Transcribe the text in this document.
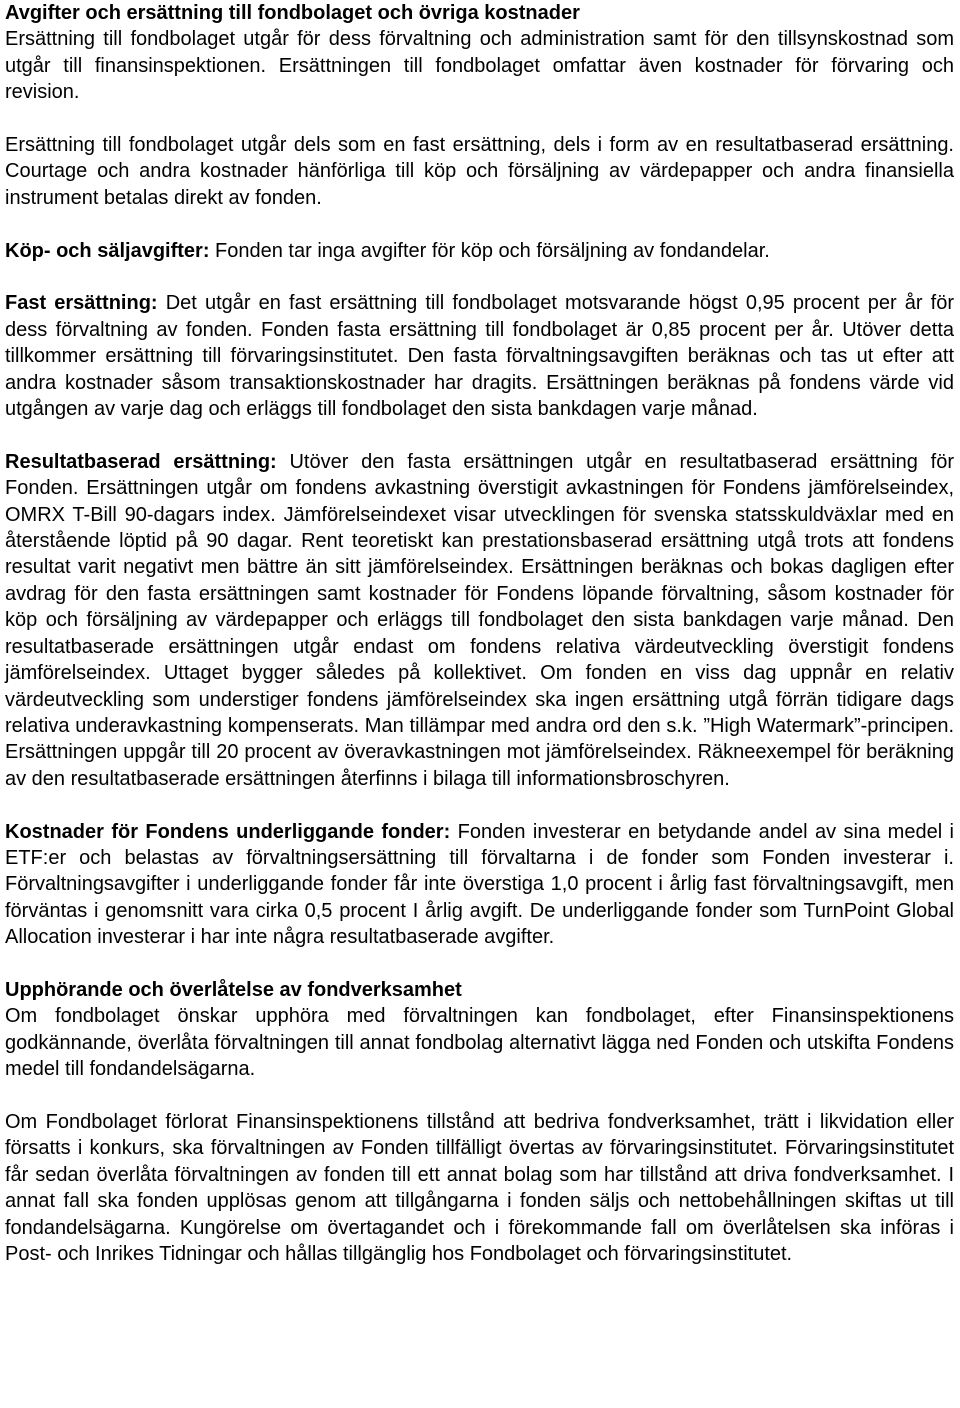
Avgifter och ersättning till fondbolaget och övriga kostnader

Ersättning till fondbolaget utgår för dess förvaltning och administration samt för den tillsynskostnad som utgår till finansinspektionen. Ersättningen till fondbolaget omfattar även kostnader för förvaring och revision.

Ersättning till fondbolaget utgår dels som en fast ersättning, dels i form av en resultatbaserad ersättning. Courtage och andra kostnader hänförliga till köp och försäljning av värdepapper och andra finansiella instrument betalas direkt av fonden.

Köp- och säljavgifter: Fonden tar inga avgifter för köp och försäljning av fondandelar.

Fast ersättning: Det utgår en fast ersättning till fondbolaget motsvarande högst 0,95 procent per år för dess förvaltning av fonden. Fonden fasta ersättning till fondbolaget är 0,85 procent per år. Utöver detta tillkommer ersättning till förvaringsinstitutet. Den fasta förvaltningsavgiften beräknas och tas ut efter att andra kostnader såsom transaktionskostnader har dragits. Ersättningen beräknas på fondens värde vid utgången av varje dag och erläggs till fondbolaget den sista bankdagen varje månad.

Resultatbaserad ersättning: Utöver den fasta ersättningen utgår en resultatbaserad ersättning för Fonden. Ersättningen utgår om fondens avkastning överstigit avkastningen för Fondens jämförelseindex, OMRX T-Bill 90-dagars index. Jämförelseindexet visar utvecklingen för svenska statsskuldväxlar med en återstående löptid på 90 dagar. Rent teoretiskt kan prestationsbaserad ersättning utgå trots att fondens resultat varit negativt men bättre än sitt jämförelseindex. Ersättningen beräknas och bokas dagligen efter avdrag för den fasta ersättningen samt kostnader för Fondens löpande förvaltning, såsom kostnader för köp och försäljning av värdepapper och erläggs till fondbolaget den sista bankdagen varje månad. Den resultatbaserade ersättningen utgår endast om fondens relativa värdeutveckling överstigit fondens jämförelseindex. Uttaget bygger således på kollektivet. Om fonden en viss dag uppnår en relativ värdeutveckling som understiger fondens jämförelseindex ska ingen ersättning utgå förrän tidigare dags relativa underavkastning kompenserats. Man tillämpar med andra ord den s.k. ”High Watermark”-principen. Ersättningen uppgår till 20 procent av överavkastningen mot jämförelseindex. Räkneexempel för beräkning av den resultatbaserade ersättningen återfinns i bilaga till informationsbroschyren.

Kostnader för Fondens underliggande fonder: Fonden investerar en betydande andel av sina medel i ETF:er och belastas av förvaltningsersättning till förvaltarna i de fonder som Fonden investerar i. Förvaltningsavgifter i underliggande fonder får inte överstiga 1,0 procent i årlig fast förvaltningsavgift, men förväntas i genomsnitt vara cirka 0,5 procent I årlig avgift. De underliggande fonder som TurnPoint Global Allocation investerar i har inte några resultatbaserade avgifter.

Upphörande och överlåtelse av fondverksamhet

Om fondbolaget önskar upphöra med förvaltningen kan fondbolaget, efter Finansinspektionens godkännande, överlåta förvaltningen till annat fondbolag alternativt lägga ned Fonden och utskifta Fondens medel till fondandelsägarna.

Om Fondbolaget förlorat Finansinspektionens tillstånd att bedriva fondverksamhet, trätt i likvidation eller försatts i konkurs, ska förvaltningen av Fonden tillfälligt övertas av förvaringsinstitutet. Förvaringsinstitutet får sedan överlåta förvaltningen av fonden till ett annat bolag som har tillstånd att driva fondverksamhet. I annat fall ska fonden upplösas genom att tillgångarna i fonden säljs och nettobehållningen skiftas ut till fondandelsägarna. Kungörelse om övertagandet och i förekommande fall om överlåtelsen ska införas i Post- och Inrikes Tidningar och hållas tillgänglig hos Fondbolaget och förvaringsinstitutet.
